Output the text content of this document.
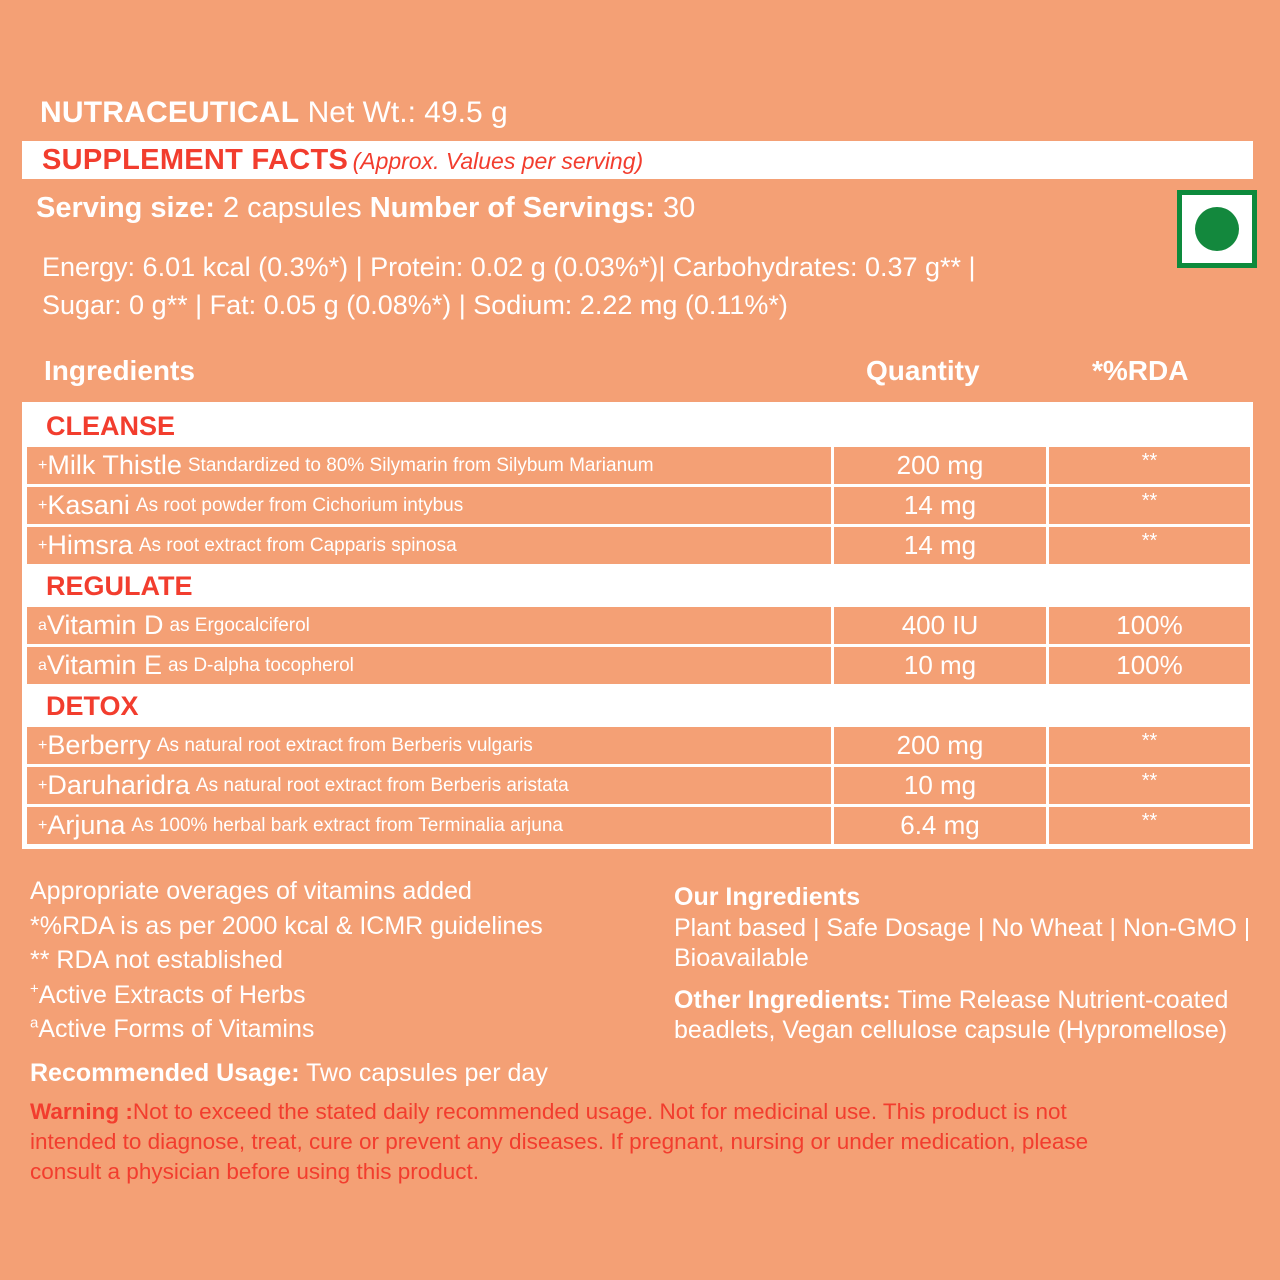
NUTRACEUTICAL Net Wt.: 49.5 g
SUPPLEMENT FACTS (Approx. Values per serving)
Serving size: 2 capsules Number of Servings: 30
Energy: 6.01 kcal (0.3%*) | Protein: 0.02 g (0.03%*)| Carbohydrates: 0.37 g** |
Sugar: 0 g** | Fat: 0.05 g (0.08%*) | Sodium: 2.22 mg (0.11%*)
Ingredients	Quantity	*%RDA
CLEANSE
+ Milk Thistle Standardized to 80% Silymarin from Silybum Marianum	200 mg	**
+ Kasani As root powder from Cichorium intybus	14 mg	**
+ Himsra As root extract from Capparis spinosa	14 mg	**
REGULATE
a Vitamin D as Ergocalciferol	400 IU	100%
a Vitamin E as D-alpha tocopherol	10 mg	100%
DETOX
+ Berberry As natural root extract from Berberis vulgaris	200 mg	**
+ Daruharidra As natural root extract from Berberis aristata	10 mg	**
+ Arjuna As 100% herbal bark extract from Terminalia arjuna	6.4 mg	**
Appropriate overages of vitamins added
*%RDA is as per 2000 kcal & ICMR guidelines
** RDA not established
+Active Extracts of Herbs
$^a$Active Forms of Vitamins
Recommended Usage: Two capsules per day
Our Ingredients
Plant based | Safe Dosage | No Wheat | Non-GMO | Bioavailable
Other Ingredients: Time Release Nutrient-coated beadlets, Vegan cellulose capsule (Hypromellose)
Warning :Not to exceed the stated daily recommended usage. Not for medicinal use. This product is not intended to diagnose, treat, cure or prevent any diseases. If pregnant, nursing or under medication, please consult a physician before using this product.
